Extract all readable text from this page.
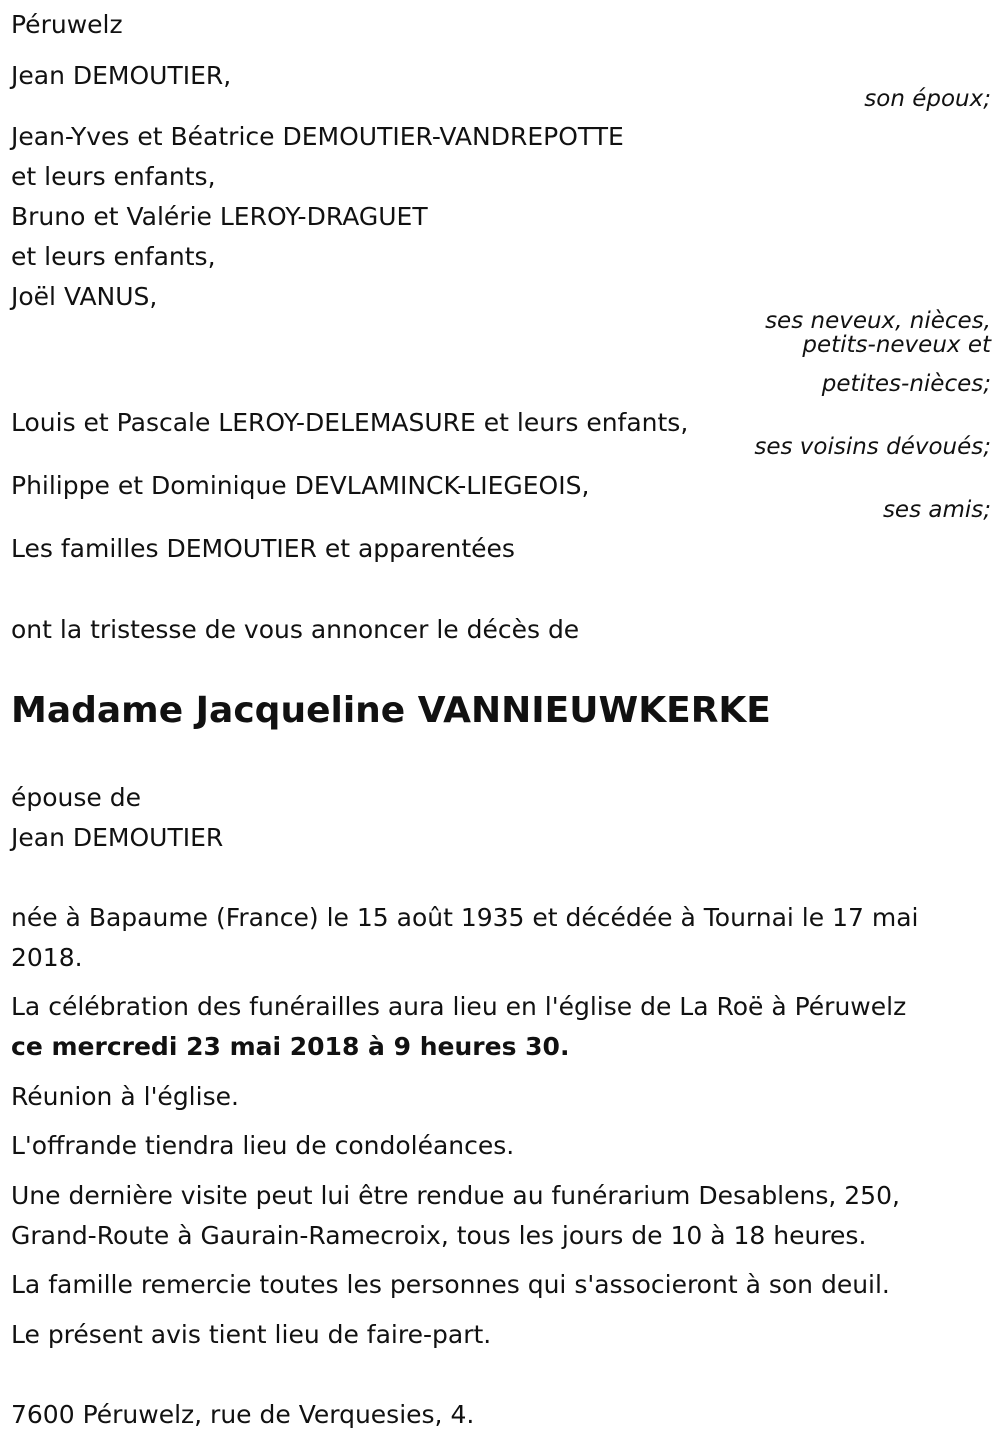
Péruwelz
Jean DEMOUTIER,
son époux;
Jean-Yves et Béatrice DEMOUTIER-VANDREPOTTE
et leurs enfants,
Bruno et Valérie LEROY-DRAGUET
et leurs enfants,
Joël VANUS,
ses neveux, nièces,
petits-neveux et
petites-nièces;
Louis et Pascale LEROY-DELEMASURE et leurs enfants,
ses voisins dévoués;
Philippe et Dominique DEVLAMINCK-LIEGEOIS,
ses amis;
Les familles DEMOUTIER et apparentées
ont la tristesse de vous annoncer le décès de
Madame Jacqueline VANNIEUWKERKE
épouse de
Jean DEMOUTIER
née à Bapaume (France) le 15 août 1935 et décédée à Tournai le 17 mai 2018.
La célébration des funérailles aura lieu en l'église de La Roë à Péruwelz
ce mercredi 23 mai 2018 à 9 heures 30.
Réunion à l'église.
L'offrande tiendra lieu de condoléances.
Une dernière visite peut lui être rendue au funérarium Desablens, 250, Grand-Route à Gaurain-Ramecroix, tous les jours de 10 à 18 heures.
La famille remercie toutes les personnes qui s'associeront à son deuil.
Le présent avis tient lieu de faire-part.
7600 Péruwelz, rue de Verquesies, 4.
